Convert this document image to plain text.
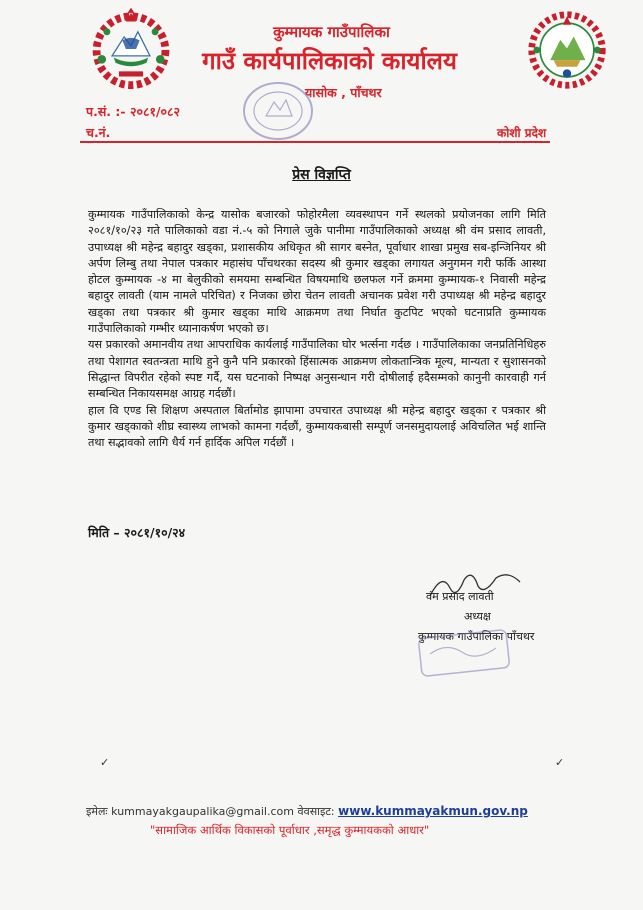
कुम्मायक गाउँपालिका
गाउँ कार्यपालिकाको कार्यालय
यासोक , पाँचथर
प.सं. :- २०८१/०८२
च.नं.	कोशी प्रदेश
प्रेस विज्ञप्ति

कुम्मायक गाउँपालिकाको केन्द्र यासोक बजारको फोहोरमैला व्यवस्थापन गर्ने स्थलको प्रयोजनका लागि मिति २०८१/१०/२३ गते पालिकाको वडा नं.-५ को निगाले जुके पानीमा गाउँपालिकाको अध्यक्ष श्री वंम प्रसाद लावती, उपाध्यक्ष श्री महेन्द्र बहादुर खड्का, प्रशासकीय अधिकृत श्री सागर बस्नेत, पूर्वाधार शाखा प्रमुख सब-इन्जिनियर श्री अर्पण लिम्बु तथा नेपाल पत्रकार महासंघ पाँचथरका सदस्य श्री कुमार खड्का लगायत अनुगमन गरी फर्कि आस्था होटल कुम्मायक -४ मा बेलुकीको समयमा सम्बन्धित विषयमाथि छलफल गर्ने क्रममा कुम्मायक-१ निवासी महेन्द्र बहादुर लावती (याम नामले परिचित) र निजका छोरा चेतन लावती अचानक प्रवेश गरी उपाध्यक्ष श्री महेन्द्र बहादुर खड्का तथा पत्रकार श्री कुमार खड्का माथि आक्रमण तथा निर्घात कुटपिट भएको घटनाप्रति कुम्मायक गाउँपालिकाको गम्भीर ध्यानाकर्षण भएको छ।

यस प्रकारको अमानवीय तथा आपराधिक कार्यलाई गाउँपालिका घोर भर्त्सना गर्दछ । गाउँपालिकाका जनप्रतिनिधिहरु तथा पेशागत स्वतन्त्रता माथि हुने कुनै पनि प्रकारको हिंसात्मक आक्रमण लोकतान्त्रिक मूल्य, मान्यता र सुशासनको सिद्धान्त विपरीत रहेको स्पष्ट गर्दै, यस घटनाको निष्पक्ष अनुसन्धान गरी दोषीलाई हदैसम्मको कानुनी कारवाही गर्न सम्बन्धित निकायसमक्ष आग्रह गर्दछौं।

हाल वि एण्ड सि शिक्षण अस्पताल बिर्तामोड झापामा उपचारत उपाध्यक्ष श्री महेन्द्र बहादुर खड्का र पत्रकार श्री कुमार खड्काको शीघ्र स्वास्थ्य लाभको कामना गर्दछौं, कुम्मायकबासी सम्पूर्ण जनसमुदायलाई अविचलित भई शान्ति तथा सद्भावको लागि धैर्य गर्न हार्दिक अपिल गर्दछौं ।

मिति – २०८१/१०/२४
वंम प्रसाद लावती
अध्यक्ष
कुम्मायक गाउँपालिका पाँचथर
✓	✓
इमेलः kummayakgaupalika@gmail.com वेवसाइट: www.kummayakmun.gov.np
"सामाजिक आर्थिक विकासको पूर्वाधार ,समृद्ध कुम्मायकको आधार"
